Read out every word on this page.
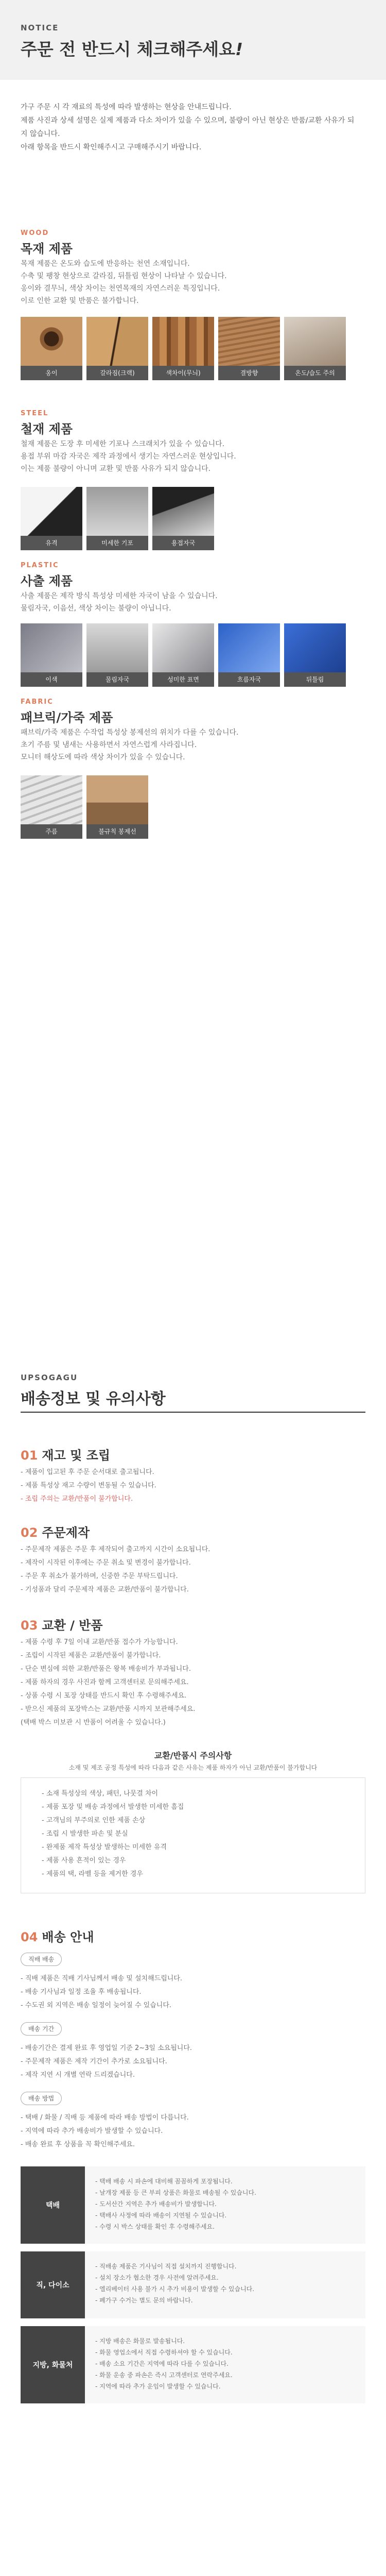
NOTICE
주문 전 반드시 체크해주세요!

가구 주문 시 각 재료의 특성에 따라 발생하는 현상을 안내드립니다.

제품 사진과 상세 설명은 실제 제품과 다소 차이가 있을 수 있으며, 불량이 아닌 현상은 반품/교환 사유가 되지 않습니다.

아래 항목을 반드시 확인해주시고 구매해주시기 바랍니다.

WOOD
목재 제품

목재 제품은 온도와 습도에 반응하는 천연 소재입니다.

수축 및 팽창 현상으로 갈라짐, 뒤틀림 현상이 나타날 수 있습니다.

옹이와 결무늬, 색상 차이는 천연목재의 자연스러운 특징입니다.

이로 인한 교환 및 반품은 불가합니다.

옹이	갈라짐(크랙)	색차이(무늬)	결방향	온도/습도 주의
STEEL
철재 제품

철재 제품은 도장 후 미세한 기포나 스크래치가 있을 수 있습니다.

용접 부위 마감 자국은 제작 과정에서 생기는 자연스러운 현상입니다.

이는 제품 불량이 아니며 교환 및 반품 사유가 되지 않습니다.

유격	미세한 기포	용접자국
PLASTIC
사출 제품

사출 제품은 제작 방식 특성상 미세한 자국이 남을 수 있습니다.

물림자국, 이음선, 색상 차이는 불량이 아닙니다.

이색	물림자국	성미한 표면	흐름자국	뒤틀림
FABRIC
패브릭/가죽 제품

패브릭/가죽 제품은 수작업 특성상 봉제선의 위치가 다를 수 있습니다.

초기 주름 및 냄새는 사용하면서 자연스럽게 사라집니다.

모니터 해상도에 따라 색상 차이가 있을 수 있습니다.

주름	불규칙 봉제선
UPSOGAGU
배송정보 및 유의사항
01 재고 및 조립

- 제품이 입고된 후 주문 순서대로 출고됩니다.

- 제품 특성상 재고 수량이 변동될 수 있습니다.

- 조립 주의는 교환/반품이 불가합니다.

02 주문제작

- 주문제작 제품은 주문 후 제작되어 출고까지 시간이 소요됩니다.

- 제작이 시작된 이후에는 주문 취소 및 변경이 불가합니다.

- 주문 후 취소가 불가하며, 신중한 주문 부탁드립니다.

- 기성품과 달리 주문제작 제품은 교환/반품이 불가합니다.

03 교환 / 반품

- 제품 수령 후 7일 이내 교환/반품 접수가 가능합니다.

- 조립이 시작된 제품은 교환/반품이 불가합니다.

- 단순 변심에 의한 교환/반품은 왕복 배송비가 부과됩니다.

- 제품 하자의 경우 사진과 함께 고객센터로 문의해주세요.

- 상품 수령 시 포장 상태를 반드시 확인 후 수령해주세요.

- 받으신 제품의 포장박스는 교환/반품 시까지 보관해주세요.

(택배 박스 미보관 시 반품이 어려울 수 있습니다.)

교환/반품시 주의사항
소재 및 제조 공정 특성에 따라 다음과 같은 사유는 제품 하자가 아닌 교환/반품이 불가합니다

- 소재 특성상의 색상, 패턴, 나뭇결 차이

- 제품 포장 및 배송 과정에서 발생한 미세한 흠집

- 고객님의 부주의로 인한 제품 손상

- 조립 시 발생한 파손 및 분실

- 완제품 제작 특성상 발생하는 미세한 유격

- 제품 사용 흔적이 있는 경우

- 제품의 택, 라벨 등을 제거한 경우

04 배송 안내
직배 배송

- 직배 제품은 직배 기사님께서 배송 및 설치해드립니다.

- 배송 기사님과 일정 조율 후 배송됩니다.

- 수도권 외 지역은 배송 일정이 늦어질 수 있습니다.

배송 기간

- 배송기간은 결제 완료 후 영업일 기준 2~3일 소요됩니다.

- 주문제작 제품은 제작 기간이 추가로 소요됩니다.

- 제작 지연 시 개별 연락 드리겠습니다.

배송 방법

- 택배 / 화물 / 직배 등 제품에 따라 배송 방법이 다릅니다.

- 지역에 따라 추가 배송비가 발생할 수 있습니다.

- 배송 완료 후 상품을 꼭 확인해주세요.

택배

- 택배 배송 시 파손에 대비해 꼼꼼하게 포장됩니다.

- 날개장 제품 등 큰 부피 상품은 화물로 배송될 수 있습니다.

- 도서산간 지역은 추가 배송비가 발생합니다.

- 택배사 사정에 따라 배송이 지연될 수 있습니다.

- 수령 시 박스 상태를 확인 후 수령해주세요.

직, 다이소

- 직배송 제품은 기사님이 직접 설치까지 진행합니다.

- 설치 장소가 협소한 경우 사전에 알려주세요.

- 엘리베이터 사용 불가 시 추가 비용이 발생할 수 있습니다.

- 폐가구 수거는 별도 문의 바랍니다.

지방, 화물처

- 지방 배송은 화물로 발송됩니다.

- 화물 영업소에서 직접 수령하셔야 할 수 있습니다.

- 배송 소요 기간은 지역에 따라 다를 수 있습니다.

- 화물 운송 중 파손은 즉시 고객센터로 연락주세요.

- 지역에 따라 추가 운임이 발생할 수 있습니다.
